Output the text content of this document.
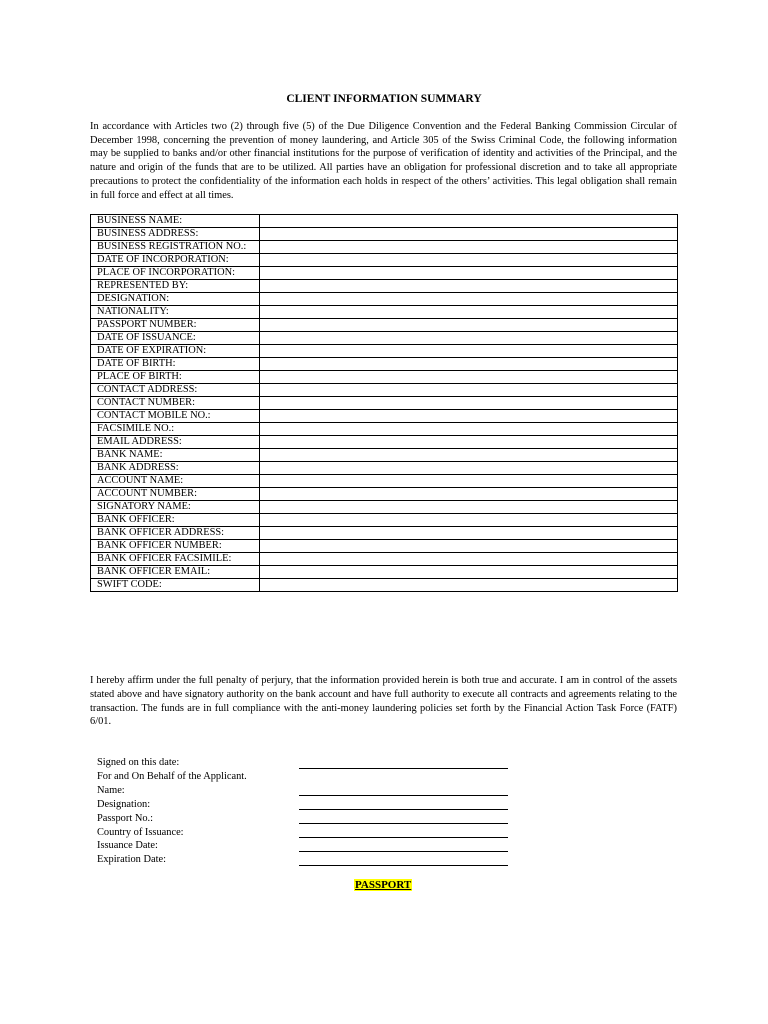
CLIENT INFORMATION SUMMARY
In accordance with Articles two (2) through five (5) of the Due Diligence Convention and the Federal Banking Commission Circular of December 1998, concerning the prevention of money laundering, and Article 305 of the Swiss Criminal Code, the following information may be supplied to banks and/or other financial institutions for the purpose of verification of identity and activities of the Principal, and the nature and origin of the funds that are to be utilized. All parties have an obligation for professional discretion and to take all appropriate precautions to protect the confidentiality of the information each holds in respect of the others’ activities. This legal obligation shall remain in full force and effect at all times.
BUSINESS NAME:	
BUSINESS ADDRESS:	
BUSINESS REGISTRATION NO.:	
DATE OF INCORPORATION:	
PLACE OF INCORPORATION:	
REPRESENTED BY:	
DESIGNATION:	
NATIONALITY:	
PASSPORT NUMBER:	
DATE OF ISSUANCE:	
DATE OF EXPIRATION:	
DATE OF BIRTH:	
PLACE OF BIRTH:	
CONTACT ADDRESS:	
CONTACT NUMBER:	
CONTACT MOBILE NO.:	
FACSIMILE NO.:	
EMAIL ADDRESS:	
BANK NAME:	
BANK ADDRESS:	
ACCOUNT NAME:	
ACCOUNT NUMBER:	
SIGNATORY NAME:	
BANK OFFICER:	
BANK OFFICER ADDRESS:	
BANK OFFICER NUMBER:	
BANK OFFICER FACSIMILE:	
BANK OFFICER EMAIL:	
SWIFT CODE:	
I hereby affirm under the full penalty of perjury, that the information provided herein is both true and accurate. I am in control of the assets stated above and have signatory authority on the bank account and have full authority to execute all contracts and agreements relating to the transaction. The funds are in full compliance with the anti-money laundering policies set forth by the Financial Action Task Force (FATF) 6/01.
Signed on this date:
For and On Behalf of the Applicant.
Name:
Designation:
Passport No.:
Country of Issuance:
Issuance Date:
Expiration Date:
PASSPORT
